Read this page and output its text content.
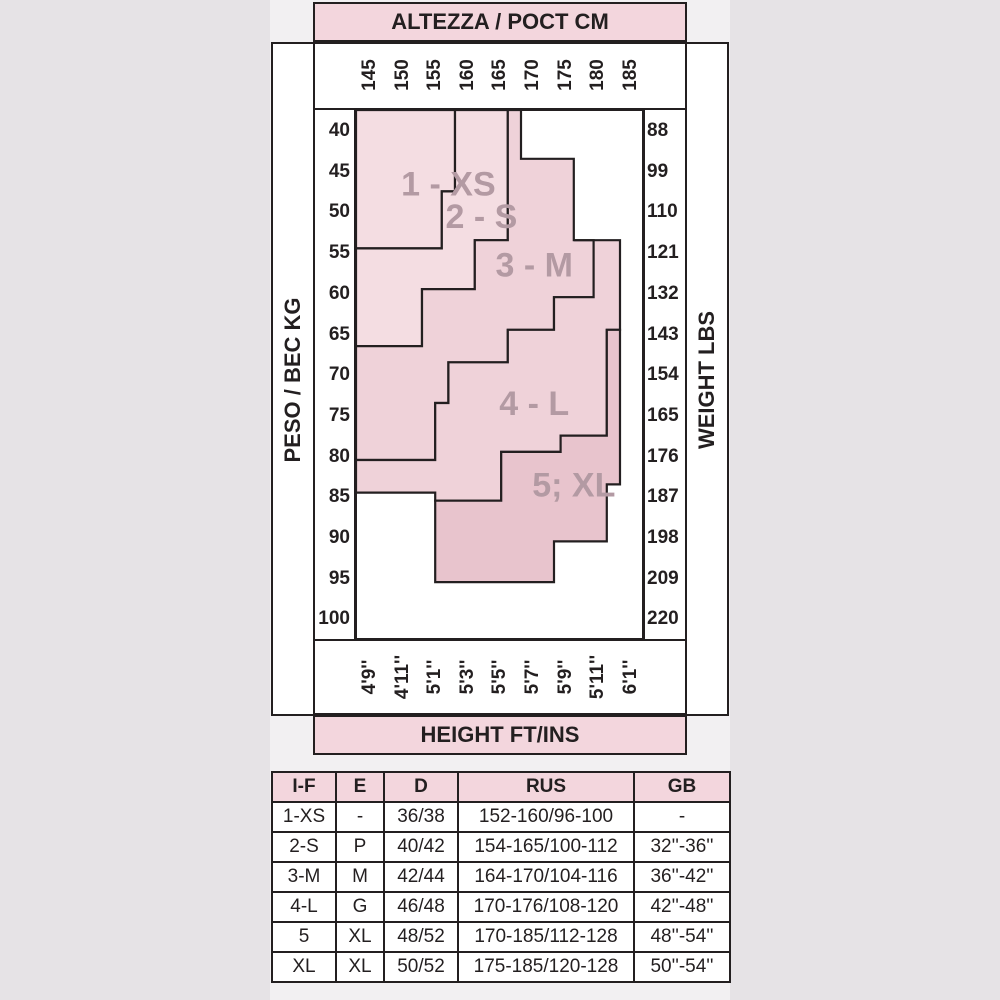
ALTEZZA / POCT CM
HEIGHT FT/INS
PESO / BEC KG	WEIGHT LBS
1 - XS
2 - S
3 - M
4 - L
5; XL
145 150 155 160 165 170 175 180 185
4'9'' 4'11'' 5'1'' 5'3'' 5'5'' 5'7'' 5'9'' 5'11'' 6'1''
40
45
50
55
60
65
70
75
80
85
90
95
100
88
99
110
121
132
143
154
165
176
187
198
209
220
I-F	E	D	RUS	GB
1-XS	-	36/38	152-160/96-100	-
2-S	P	40/42	154-165/100-112	32''-36''
3-M	M	42/44	164-170/104-116	36''-42''
4-L	G	46/48	170-176/108-120	42''-48''
5	XL	48/52	170-185/112-128	48''-54''
XL	XL	50/52	175-185/120-128	50''-54''
